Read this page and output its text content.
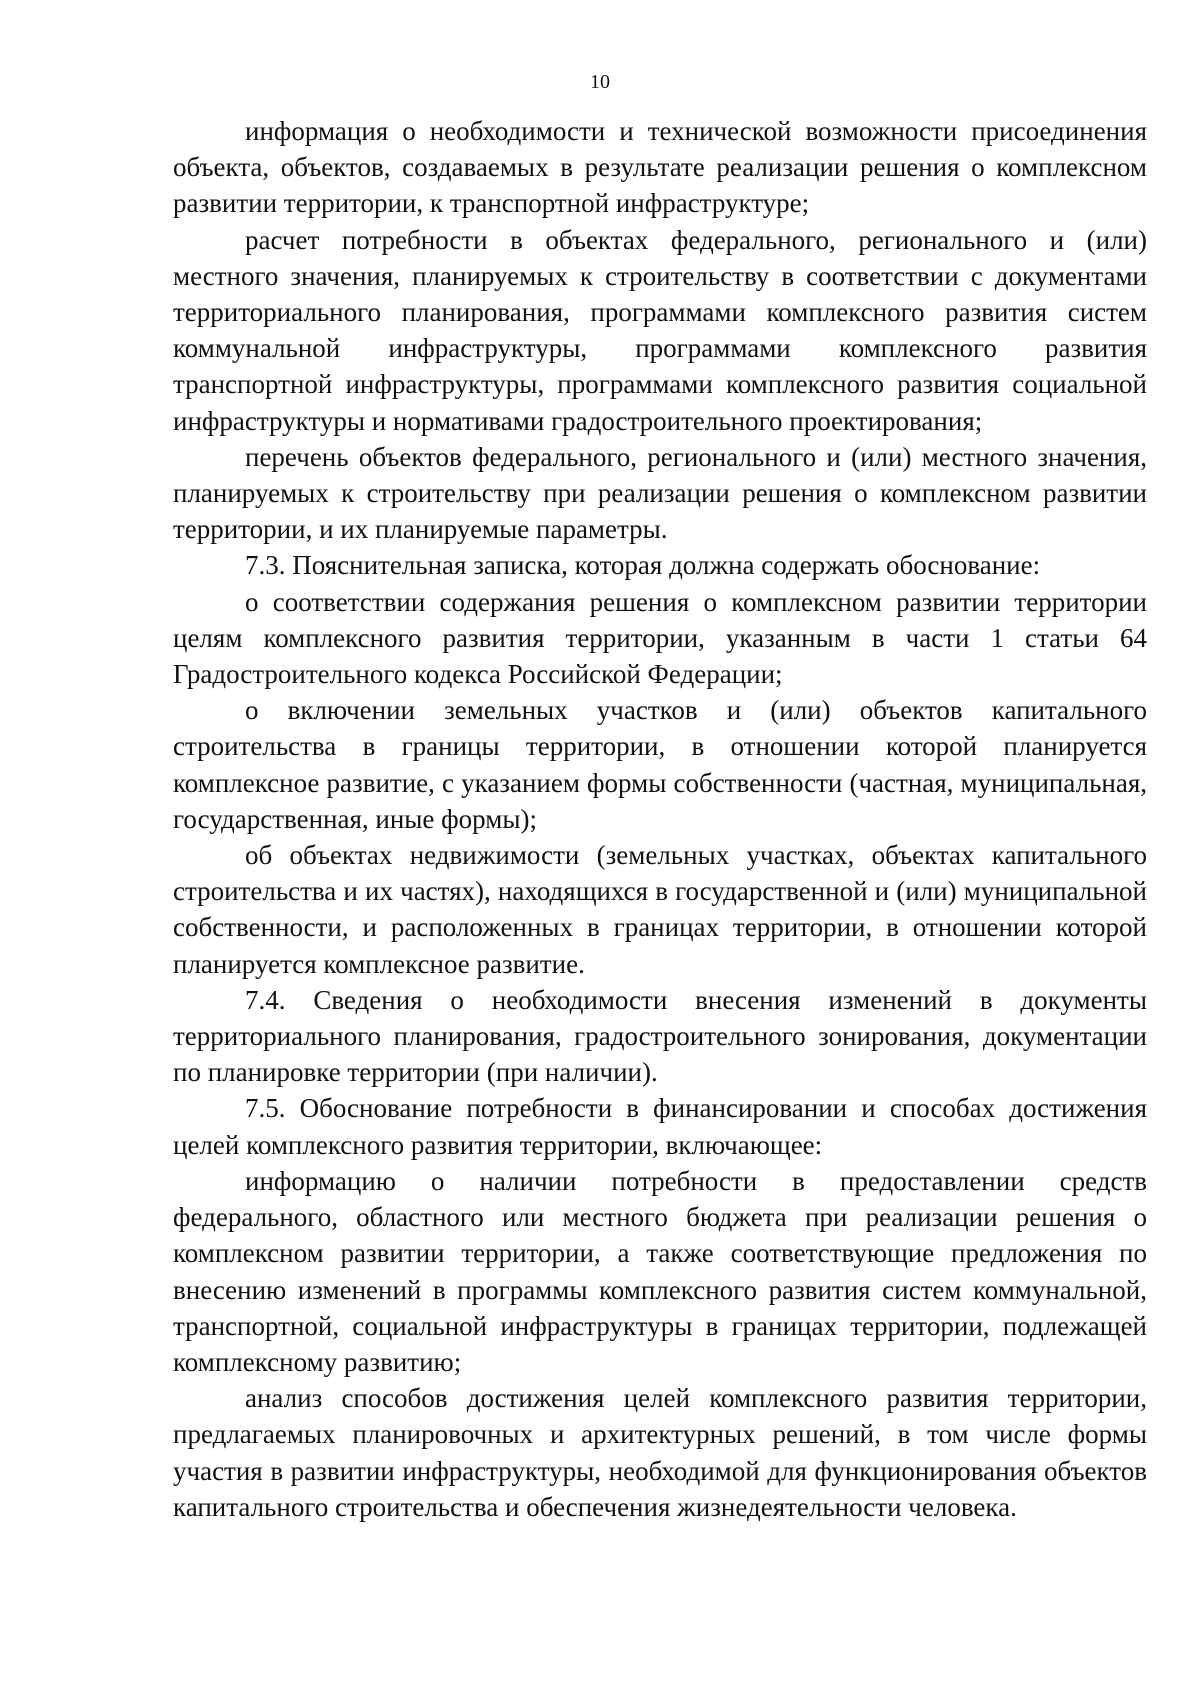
10

информация о необходимости и технической возможности присоединения объекта, объектов, создаваемых в результате реализации решения о комплексном развитии территории, к транспортной инфраструктуре;

расчет потребности в объектах федерального, регионального и (или) местного значения, планируемых к строительству в соответствии с документами территориального планирования, программами комплексного развития систем коммунальной инфраструктуры, программами комплексного развития транспортной инфраструктуры, программами комплексного развития социальной инфраструктуры и нормативами градостроительного проектирования;

перечень объектов федерального, регионального и (или) местного значения, планируемых к строительству при реализации решения о комплексном развитии территории, и их планируемые параметры.

7.3. Пояснительная записка, которая должна содержать обоснование:

о соответствии содержания решения о комплексном развитии территории целям комплексного развития территории, указанным в части 1 статьи 64 Градостроительного кодекса Российской Федерации;

о включении земельных участков и (или) объектов капитального строительства в границы территории, в отношении которой планируется комплексное развитие, с указанием формы собственности (частная, муниципальная, государственная, иные формы);

об объектах недвижимости (земельных участках, объектах капитального строительства и их частях), находящихся в государственной и (или) муниципальной собственности, и расположенных в границах территории, в отношении которой планируется комплексное развитие.

7.4. Сведения о необходимости внесения изменений в документы территориального планирования, градостроительного зонирования, документации по планировке территории (при наличии).

7.5. Обоснование потребности в финансировании и способах достижения целей комплексного развития территории, включающее:

информацию о наличии потребности в предоставлении средств федерального, областного или местного бюджета при реализации решения о комплексном развитии территории, а также соответствующие предложения по внесению изменений в программы комплексного развития систем коммунальной, транспортной, социальной инфраструктуры в границах территории, подлежащей комплексному развитию;

анализ способов достижения целей комплексного развития территории, предлагаемых планировочных и архитектурных решений, в том числе формы участия в развитии инфраструктуры, необходимой для функционирования объектов капитального строительства и обеспечения жизнедеятельности человека.
